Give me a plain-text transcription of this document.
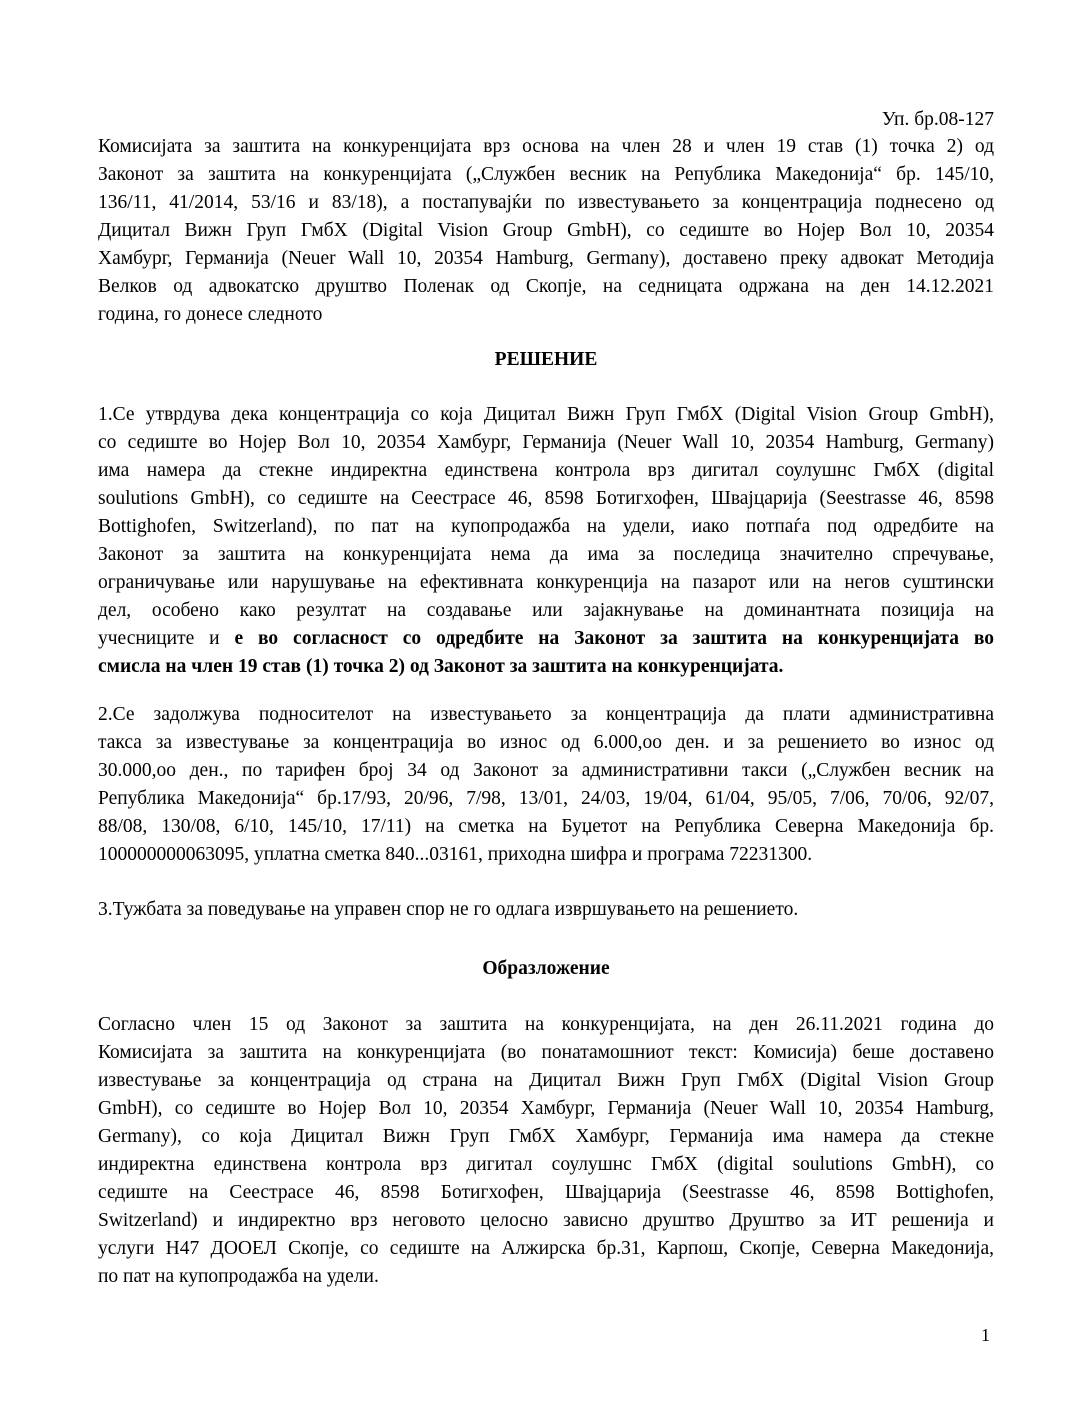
Уп. бр.08-127
Комисијата за заштита на конкуренцијата врз основа на член 28 и член 19 став (1) точка 2) од
Законот за заштита на конкуренцијата („Службен весник на Република Македонија“ бр. 145/10,
136/11, 41/2014, 53/16 и 83/18), а постапувајќи по известувањето за концентрација поднесено од
Дицитал Вижн Груп ГмбХ (Digital Vision Group GmbH), со седиште во Нојер Вол 10, 20354
Хамбург, Германија (Neuer Wall 10, 20354 Hamburg, Germany), доставено преку адвокат Методија
Велков од адвокатско друштво Поленак од Скопје, на седницата одржана на ден 14.12.2021
година, го донесе следното
РЕШЕНИЕ
1.Се утврдува дека концентрација со која Дицитал Вижн Груп ГмбХ (Digital Vision Group GmbH),
со седиште во Нојер Вол 10, 20354 Хамбург, Германија (Neuer Wall 10, 20354 Hamburg, Germany)
има намера да стекне индиректна единствена контрола врз дигитал соулушнс ГмбХ (digital
soulutions GmbH), со седиште на Сеестрасе 46, 8598 Ботигхофен, Швајцарија (Seestrasse 46, 8598
Bottighofen, Switzerland), по пат на купопродажба на удели, иако потпаѓа под одредбите на
Законот за заштита на конкуренцијата нема да има за последица значително спречување,
ограничување или нарушување на ефективната конкуренција на пазарот или на негов суштински
дел, особено како резултат на создавање или зајакнување на доминантната позиција на
учесниците и е во согласност со одредбите на Законот за заштита на конкуренцијата во
смисла на член 19 став (1) точка 2) од Законот за заштита на конкуренцијата.
2.Се задолжува подносителот на известувањето за концентрација да плати административна
такса за известување за концентрација во износ од 6.000,оо ден. и за решението во износ од
30.000,оо ден., по тарифен број 34 од Законот за административни такси („Службен весник на
Република Македонија“ бр.17/93, 20/96, 7/98, 13/01, 24/03, 19/04, 61/04, 95/05, 7/06, 70/06, 92/07,
88/08, 130/08, 6/10, 145/10, 17/11) на сметка на Буџетот на Република Северна Македонија бр.
100000000063095, уплатна сметка 840...03161, приходна шифра и програма 72231300.
3.Тужбата за поведување на управен спор не го одлага извршувањето на решението.
Образложение
Согласно член 15 од Законот за заштита на конкуренцијата, на ден 26.11.2021 година до
Комисијата за заштита на конкуренцијата (во понатамошниот текст: Комисија) беше доставено
известување за концентрација од страна на Дицитал Вижн Груп ГмбХ (Digital Vision Group
GmbH), со седиште во Нојер Вол 10, 20354 Хамбург, Германија (Neuer Wall 10, 20354 Hamburg,
Germany), со која Дицитал Вижн Груп ГмбХ Хамбург, Германија има намера да стекне
индиректна единствена контрола врз дигитал соулушнс ГмбХ (digital soulutions GmbH), со
седиште на Сеестрасе 46, 8598 Ботигхофен, Швајцарија (Seestrasse 46, 8598 Bottighofen,
Switzerland) и индиректно врз неговото целосно зависно друштво Друштво за ИТ решенија и
услуги Н47 ДООЕЛ Скопје, со седиште на Алжирска бр.31, Карпош, Скопје, Северна Македонија,
по пат на купопродажба на удели.
1
